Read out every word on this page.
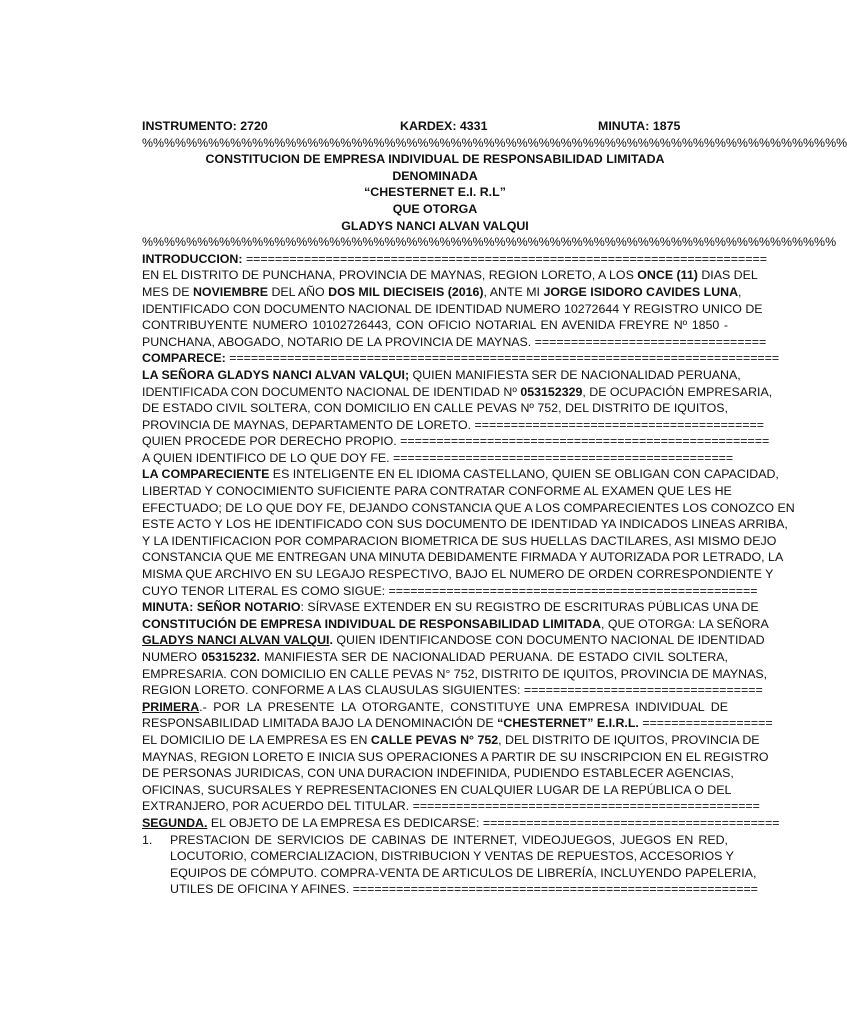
INSTRUMENTO: 2720	KARDEX: 4331	MINUTA: 1875
%%%%%%%%%%%%%%%%%%%%%%%%%%%%%%%%%%%%%%%%%%%%%%%%%%%%%%%%%%%%%%%%
CONSTITUCION DE EMPRESA INDIVIDUAL DE RESPONSABILIDAD LIMITADA
DENOMINADA
“CHESTERNET E.I. R.L”
QUE OTORGA
GLADYS NANCI ALVAN VALQUI
%%%%%%%%%%%%%%%%%%%%%%%%%%%%%%%%%%%%%%%%%%%%%%%%%%%%%%%%%%%%%%%
INTRODUCCION: ========================================================================
EN EL DISTRITO DE PUNCHANA, PROVINCIA DE MAYNAS, REGION LORETO, A LOS ONCE (11) DIAS DEL
MES DE NOVIEMBRE DEL AÑO DOS MIL DIECISEIS (2016), ANTE MI JORGE ISIDORO CAVIDES LUNA,
IDENTIFICADO CON DOCUMENTO NACIONAL DE IDENTIDAD NUMERO 10272644 Y REGISTRO UNICO DE
CONTRIBUYENTE NUMERO 10102726443, CON OFICIO NOTARIAL EN AVENIDA FREYRE Nº 1850 -
PUNCHANA, ABOGADO, NOTARIO DE LA PROVINCIA DE MAYNAS. ================================
COMPARECE: ============================================================================
LA SEÑORA GLADYS NANCI ALVAN VALQUI; QUIEN MANIFIESTA SER DE NACIONALIDAD PERUANA,
IDENTIFICADA CON DOCUMENTO NACIONAL DE IDENTIDAD Nº 053152329, DE OCUPACIÓN EMPRESARIA,
DE ESTADO CIVIL SOLTERA, CON DOMICILIO EN CALLE PEVAS Nº 752, DEL DISTRITO DE IQUITOS,
PROVINCIA DE MAYNAS, DEPARTAMENTO DE LORETO. ========================================
QUIEN PROCEDE POR DERECHO PROPIO. ===================================================
A QUIEN IDENTIFICO DE LO QUE DOY FE. ===============================================
LA COMPARECIENTE ES INTELIGENTE EN EL IDIOMA CASTELLANO, QUIEN SE OBLIGAN CON CAPACIDAD,
LIBERTAD Y CONOCIMIENTO SUFICIENTE PARA CONTRATAR CONFORME AL EXAMEN QUE LES HE
EFECTUADO; DE LO QUE DOY FE, DEJANDO CONSTANCIA QUE A LOS COMPARECIENTES LOS CONOZCO EN
ESTE ACTO Y LOS HE IDENTIFICADO CON SUS DOCUMENTO DE IDENTIDAD YA INDICADOS LINEAS ARRIBA,
Y LA IDENTIFICACION POR COMPARACION BIOMETRICA DE SUS HUELLAS DACTILARES, ASI MISMO DEJO
CONSTANCIA QUE ME ENTREGAN UNA MINUTA DEBIDAMENTE FIRMADA Y AUTORIZADA POR LETRADO, LA
MISMA QUE ARCHIVO EN SU LEGAJO RESPECTIVO, BAJO EL NUMERO DE ORDEN CORRESPONDIENTE Y
CUYO TENOR LITERAL ES COMO SIGUE: ===================================================
MINUTA: SEÑOR NOTARIO: SÍRVASE EXTENDER EN SU REGISTRO DE ESCRITURAS PÚBLICAS UNA DE
CONSTITUCIÓN DE EMPRESA INDIVIDUAL DE RESPONSABILIDAD LIMITADA, QUE OTORGA: LA SEÑORA
GLADYS NANCI ALVAN VALQUI. QUIEN IDENTIFICANDOSE CON DOCUMENTO NACIONAL DE IDENTIDAD
NUMERO 05315232. MANIFIESTA SER DE NACIONALIDAD PERUANA. DE ESTADO CIVIL SOLTERA,
EMPRESARIA. CON DOMICILIO EN CALLE PEVAS N° 752, DISTRITO DE IQUITOS, PROVINCIA DE MAYNAS,
REGION LORETO. CONFORME A LAS CLAUSULAS SIGUIENTES: =================================
PRIMERA.- POR LA PRESENTE LA OTORGANTE, CONSTITUYE UNA EMPRESA INDIVIDUAL DE
RESPONSABILIDAD LIMITADA BAJO LA DENOMINACIÓN DE “CHESTERNET” E.I.R.L. ==================
EL DOMICILIO DE LA EMPRESA ES EN CALLE PEVAS N° 752, DEL DISTRITO DE IQUITOS, PROVINCIA DE
MAYNAS, REGION LORETO E INICIA SUS OPERACIONES A PARTIR DE SU INSCRIPCION EN EL REGISTRO
DE PERSONAS JURIDICAS, CON UNA DURACION INDEFINIDA, PUDIENDO ESTABLECER AGENCIAS,
OFICINAS, SUCURSALES Y REPRESENTACIONES EN CUALQUIER LUGAR DE LA REPÚBLICA O DEL
EXTRANJERO, POR ACUERDO DEL TITULAR. ================================================
SEGUNDA. EL OBJETO DE LA EMPRESA ES DEDICARSE: =========================================
1. PRESTACION DE SERVICIOS DE CABINAS DE INTERNET, VIDEOJUEGOS, JUEGOS EN RED,
LOCUTORIO, COMERCIALIZACION, DISTRIBUCION Y VENTAS DE REPUESTOS, ACCESORIOS Y
EQUIPOS DE CÓMPUTO. COMPRA-VENTA DE ARTICULOS DE LIBRERÍA, INCLUYENDO PAPELERIA,
UTILES DE OFICINA Y AFINES. ========================================================
